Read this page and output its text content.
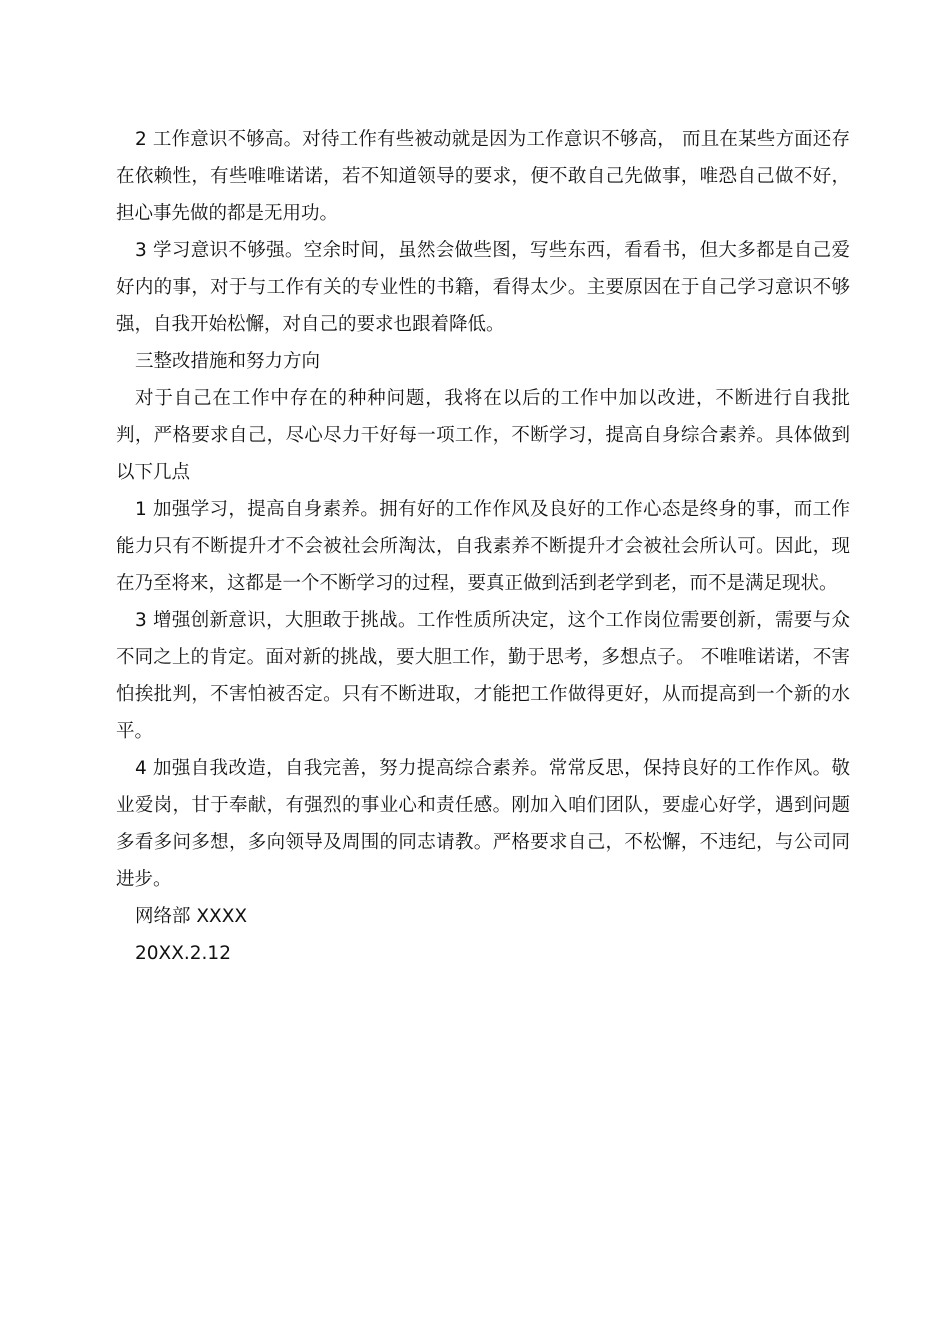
2 工作意识不够高。对待工作有些被动就是因为工作意识不够高， 而且在某些方面还存在依赖性，有些唯唯诺诺，若不知道领导的要求，便不敢自己先做事，唯恐自己做不好，担心事先做的都是无用功。

3 学习意识不够强。空余时间，虽然会做些图，写些东西，看看书，但大多都是自己爱好内的事，对于与工作有关的专业性的书籍，看得太少。主要原因在于自己学习意识不够强，自我开始松懈，对自己的要求也跟着降低。

三整改措施和努力方向

对于自己在工作中存在的种种问题，我将在以后的工作中加以改进，不断进行自我批判，严格要求自己，尽心尽力干好每一项工作，不断学习，提高自身综合素养。具体做到以下几点

1 加强学习，提高自身素养。拥有好的工作作风及良好的工作心态是终身的事，而工作能力只有不断提升才不会被社会所淘汰，自我素养不断提升才会被社会所认可。因此，现在乃至将来，这都是一个不断学习的过程，要真正做到活到老学到老，而不是满足现状。

3 增强创新意识，大胆敢于挑战。工作性质所决定，这个工作岗位需要创新，需要与众不同之上的肯定。面对新的挑战，要大胆工作，勤于思考，多想点子。 不唯唯诺诺，不害怕挨批判，不害怕被否定。只有不断进取，才能把工作做得更好，从而提高到一个新的水平。

4 加强自我改造，自我完善，努力提高综合素养。常常反思，保持良好的工作作风。敬业爱岗，甘于奉献，有强烈的事业心和责任感。刚加入咱们团队，要虚心好学，遇到问题多看多问多想，多向领导及周围的同志请教。严格要求自己，不松懈，不违纪，与公司同进步。

网络部 XXXX

20XX.2.12
